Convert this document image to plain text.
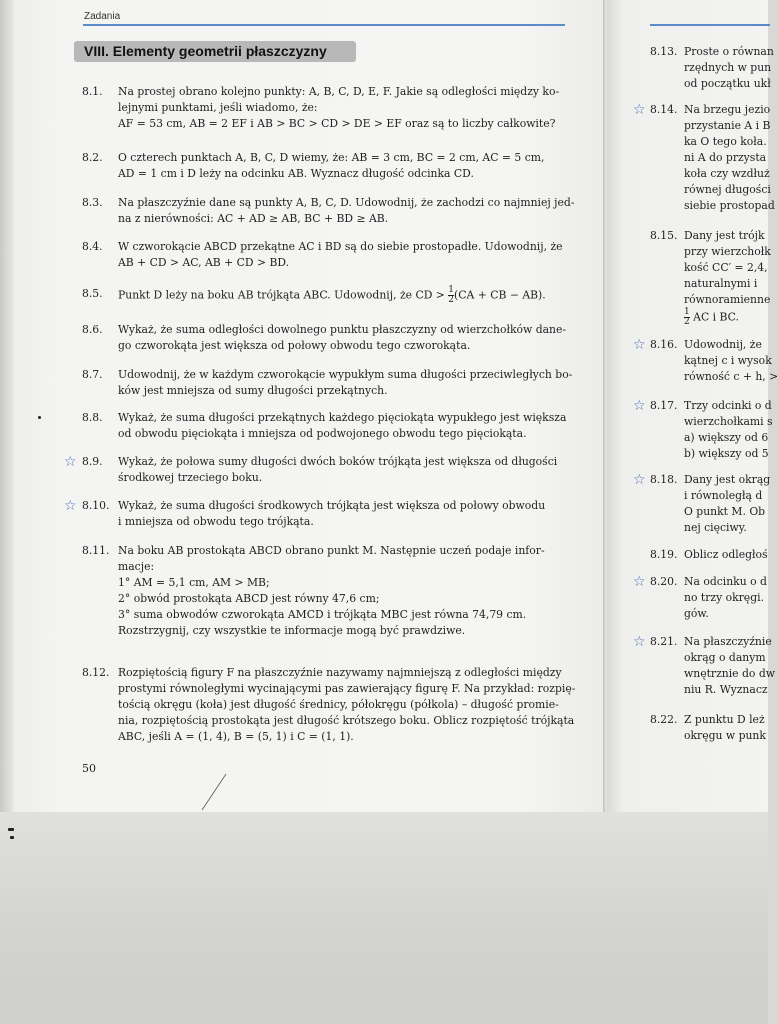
Zadania
VIII. Elementy geometrii płaszczyzny
8.1.	Na prostej obrano kolejno punkty: A, B, C, D, E, F. Jakie są odległości między ko-
lejnymi punktami, jeśli wiadomo, że:
AF = 53 cm, AB = 2 EF i AB > BC > CD > DE > EF oraz są to liczby całkowite?
8.2.	O czterech punktach A, B, C, D wiemy, że: AB = 3 cm, BC = 2 cm, AC = 5 cm,
AD = 1 cm i D leży na odcinku AB. Wyznacz długość odcinka CD.
8.3.	Na płaszczyźnie dane są punkty A, B, C, D. Udowodnij, że zachodzi co najmniej jed-
na z nierówności: AC + AD ≥ AB, BC + BD ≥ AB.
8.4.	W czworokącie ABCD przekątne AC i BD są do siebie prostopadłe. Udowodnij, że
AB + CD > AC, AB + CD > BD.
8.5.	Punkt D leży na boku AB trójkąta ABC. Udowodnij, że CD > $\frac{1}{2} (CA$ + CB − AB).
8.6.	Wykaż, że suma odległości dowolnego punktu płaszczyzny od wierzchołków dane-
go czworokąta jest większa od połowy obwodu tego czworokąta.
8.7.	Udowodnij, że w każdym czworokącie wypukłym suma długości przeciwległych bo-
ków jest mniejsza od sumy długości przekątnych.
8.8.	Wykaż, że suma długości przekątnych każdego pięciokąta wypukłego jest większa
od obwodu pięciokąta i mniejsza od podwojonego obwodu tego pięciokąta.
☆ 8.9.	Wykaż, że połowa sumy długości dwóch boków trójkąta jest większa od długości
środkowej trzeciego boku.
☆ 8.10. Wykaż, że suma długości środkowych trójkąta jest większa od połowy obwodu
i mniejsza od obwodu tego trójkąta.
8.11. Na boku AB prostokąta ABCD obrano punkt M. Następnie uczeń podaje infor-
macje:
1° AM = 5,1 cm, AM > MB;
2° obwód prostokąta ABCD jest równy 47,6 cm;
3° suma obwodów czworokąta AMCD i trójkąta MBC jest równa 74,79 cm.
Rozstrzygnij, czy wszystkie te informacje mogą być prawdziwe.
8.12. Rozpiętością figury F na płaszczyźnie nazywamy najmniejszą z odległości między
prostymi równoległymi wycinającymi pas zawierający figurę F. Na przykład: rozpię-
tością okręgu (koła) jest długość średnicy, półokręgu (półkola) – długość promie-
nia, rozpiętością prostokąta jest długość krótszego boku. Oblicz rozpiętość trójkąta
ABC, jeśli A = (1, 4), B = (5, 1) i C = (1, 1).
50
8.13. Proste o równan
rzędnych w pun
od początku ukł
☆ 8.14. Na brzegu jezio
przystanie A i B
ka O tego koła.
ni A do przysta
koła czy wzdłuż
równej długości
siebie prostopad
8.15. Dany jest trójk
przy wierzchołk
kość CC′ = 2,4,
naturalnymi i
równoramienne
$\frac{1}{2}$ AC i BC.
☆ 8.16. Udowodnij, że
kątnej c i wysok
równość c + h, >
☆ 8.17. Trzy odcinki o d
wierzchołkami s
a) większy od 6
b) większy od 5
☆ 8.18. Dany jest okrąg
i równoległą d
O punkt M. Ob
nej cięciwy.
8.19. Oblicz odległoś
☆ 8.20. Na odcinku o d
no trzy okręgi.
gów.
☆ 8.21. Na płaszczyźnie
okrąg o danym
wnętrznie do dw
niu R. Wyznacz
8.22. Z punktu D leż
okręgu w punk
